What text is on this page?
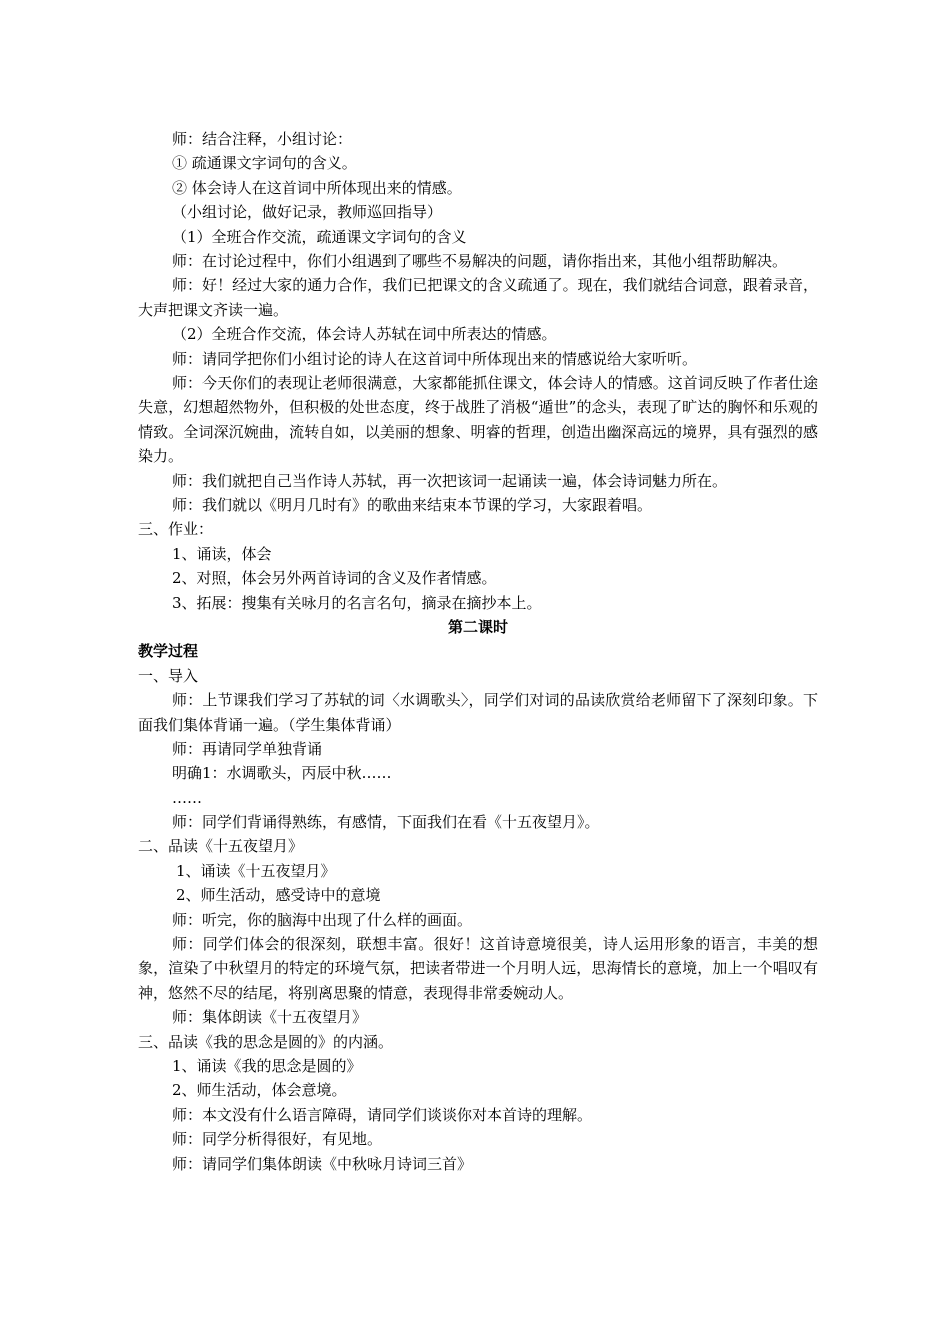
师：结合注释，小组讨论：
① 疏通课文字词句的含义。
② 体会诗人在这首词中所体现出来的情感。
（小组讨论，做好记录，教师巡回指导）
（1）全班合作交流，疏通课文字词句的含义
师：在讨论过程中，你们小组遇到了哪些不易解决的问题，请你指出来，其他小组帮助解决。
师：好！经过大家的通力合作，我们已把课文的含义疏通了。现在，我们就结合词意，跟着录音，大声把课文齐读一遍。
（2）全班合作交流，体会诗人苏轼在词中所表达的情感。
师：请同学把你们小组讨论的诗人在这首词中所体现出来的情感说给大家听听。
师：今天你们的表现让老师很满意，大家都能抓住课文，体会诗人的情感。这首词反映了作者仕途失意，幻想超然物外，但积极的处世态度，终于战胜了消极“遁世”的念头，表现了旷达的胸怀和乐观的情致。全词深沉婉曲，流转自如，以美丽的想象、明睿的哲理，创造出幽深高远的境界，具有强烈的感染力。
师：我们就把自己当作诗人苏轼，再一次把该词一起诵读一遍，体会诗词魅力所在。
师：我们就以《明月几时有》的歌曲来结束本节课的学习，大家跟着唱。
三、作业：
1、诵读，体会
2、对照，体会另外两首诗词的含义及作者情感。
3、拓展：搜集有关咏月的名言名句，摘录在摘抄本上。
第二课时
教学过程
一、导入
师：上节课我们学习了苏轼的词〈水调歌头〉，同学们对词的品读欣赏给老师留下了深刻印象。下面我们集体背诵一遍。（学生集体背诵）
师：再请同学单独背诵
明确1：水调歌头，丙辰中秋……
……
师：同学们背诵得熟练，有感情，下面我们在看《十五夜望月》。
二、品读《十五夜望月》
1、诵读《十五夜望月》
2、师生活动，感受诗中的意境
师：听完，你的脑海中出现了什么样的画面。
师：同学们体会的很深刻，联想丰富。很好！这首诗意境很美，诗人运用形象的语言，丰美的想象，渲染了中秋望月的特定的环境气氛，把读者带进一个月明人远，思海情长的意境，加上一个唱叹有神，悠然不尽的结尾，将别离思聚的情意，表现得非常委婉动人。
师：集体朗读《十五夜望月》
三、品读《我的思念是圆的》的内涵。
1、诵读《我的思念是圆的》
2、师生活动，体会意境。
师：本文没有什么语言障碍，请同学们谈谈你对本首诗的理解。
师：同学分析得很好，有见地。
师：请同学们集体朗读《中秋咏月诗词三首》
